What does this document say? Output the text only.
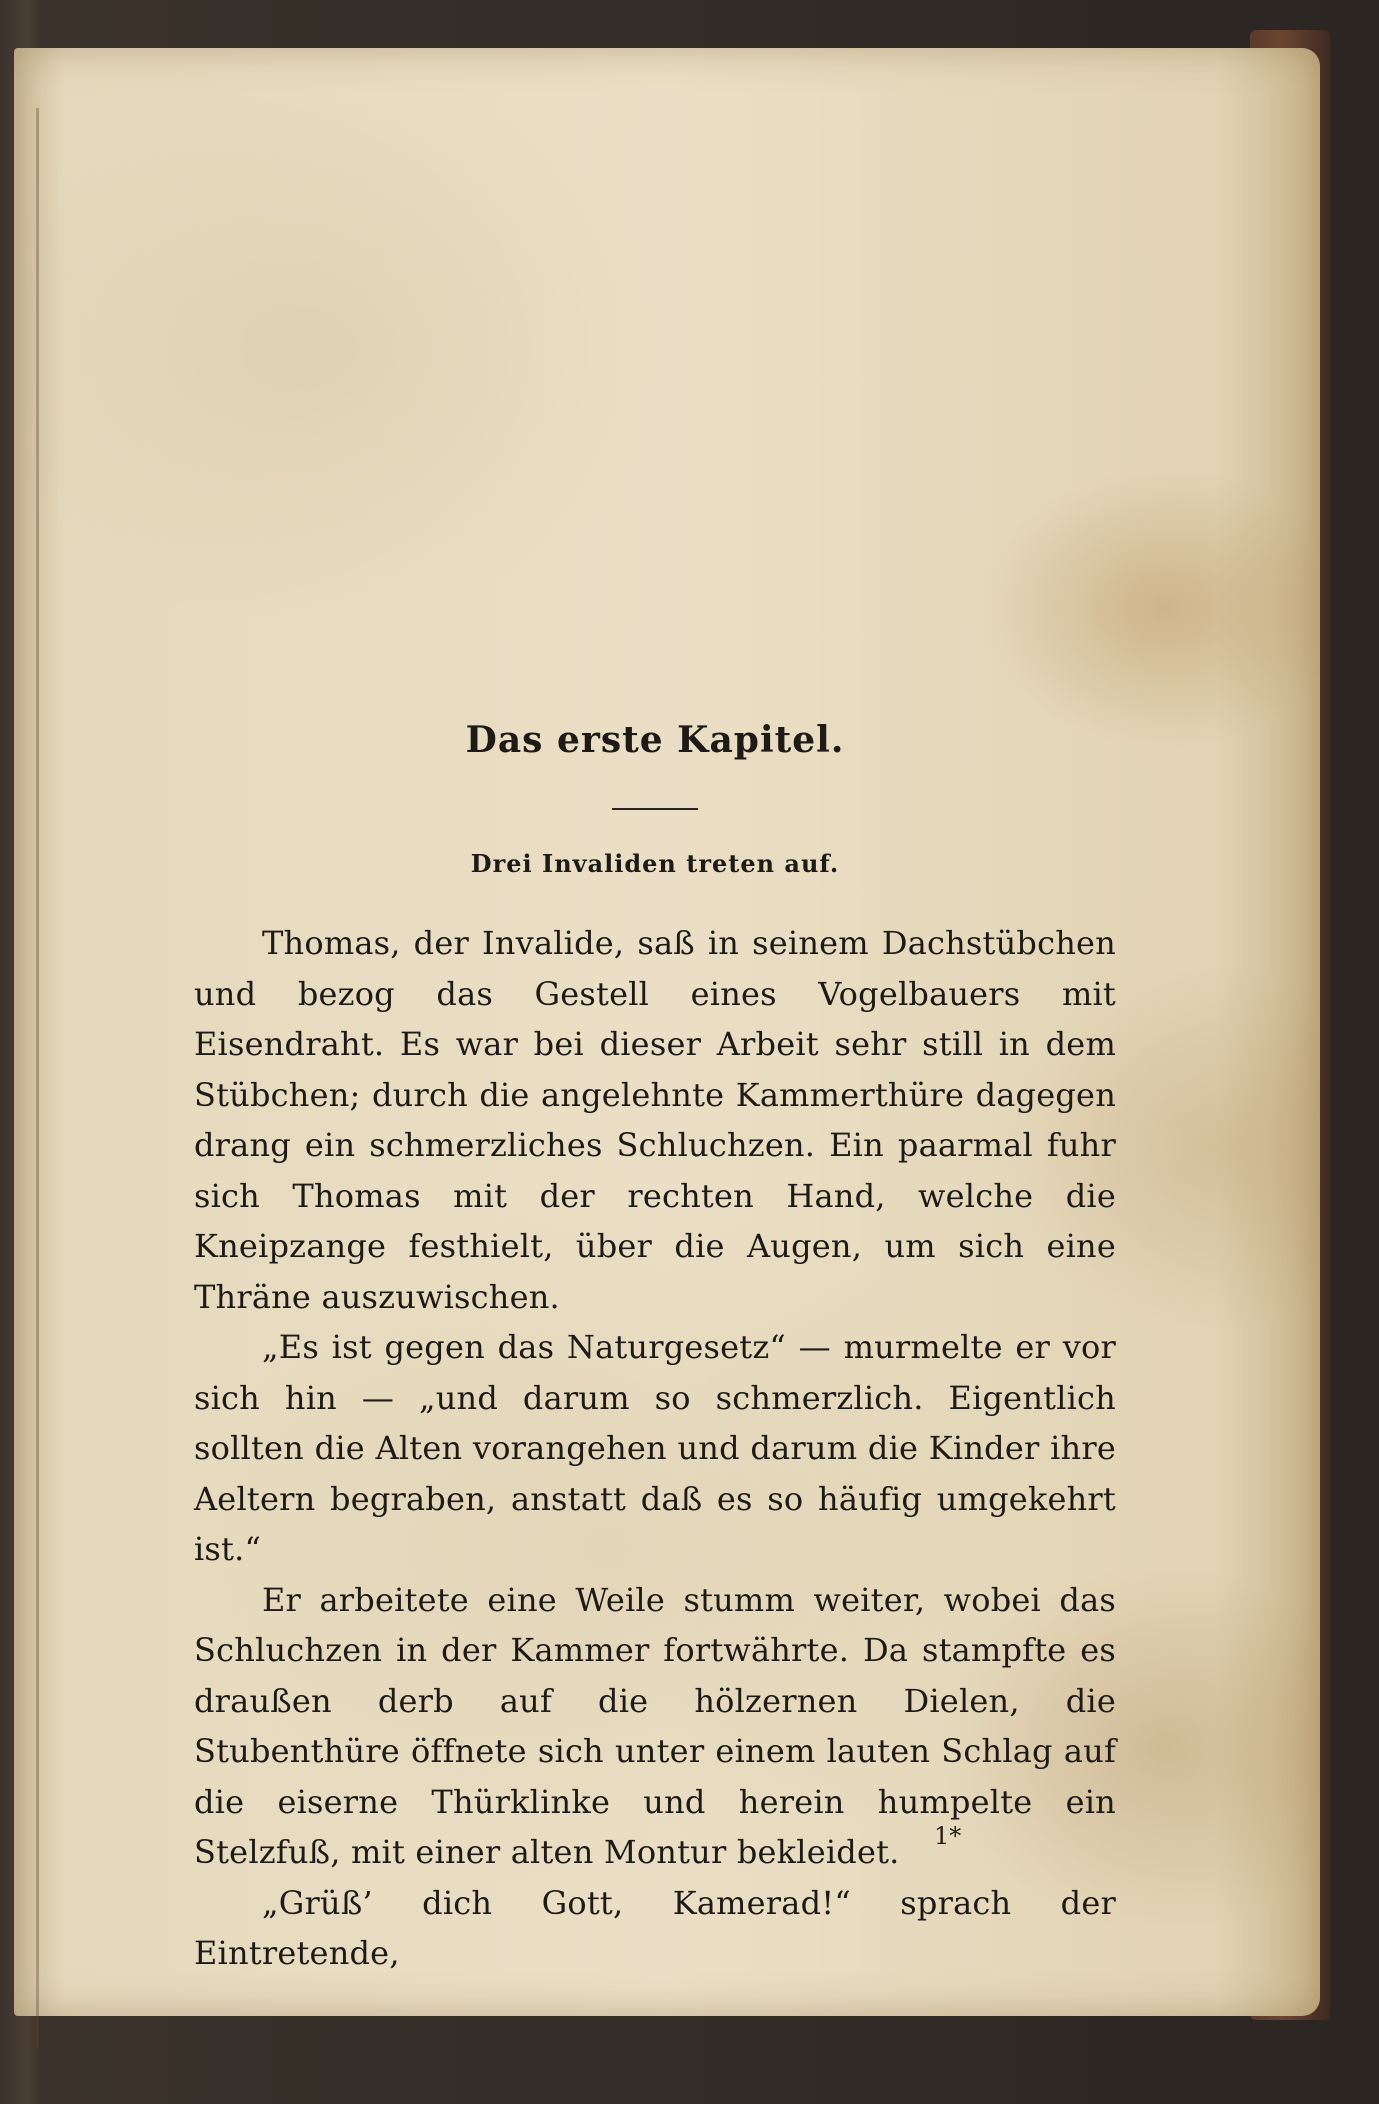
Das erste Kapitel.
Drei Invaliden treten auf.

Thomas, der Invalide, saß in seinem Dachstübchen und bezog das Gestell eines Vogelbauers mit Eisendraht. Es war bei dieser Arbeit sehr still in dem Stübchen; durch die angelehnte Kammerthüre dagegen drang ein schmerzliches Schluchzen. Ein paarmal fuhr sich Thomas mit der rechten Hand, welche die Kneipzange festhielt, über die Augen, um sich eine Thräne auszuwischen.

„Es ist gegen das Naturgesetz“ — murmelte er vor sich hin — „und darum so schmerzlich. Eigentlich sollten die Alten vorangehen und darum die Kinder ihre Aeltern begraben, anstatt daß es so häufig umgekehrt ist.“

Er arbeitete eine Weile stumm weiter, wobei das Schluchzen in der Kammer fortwährte. Da stampfte es draußen derb auf die hölzernen Dielen, die Stubenthüre öffnete sich unter einem lauten Schlag auf die eiserne Thürklinke und herein humpelte ein Stelzfuß, mit einer alten Montur bekleidet.

„Grüß’ dich Gott, Kamerad!“ sprach der Eintretende,

1*
